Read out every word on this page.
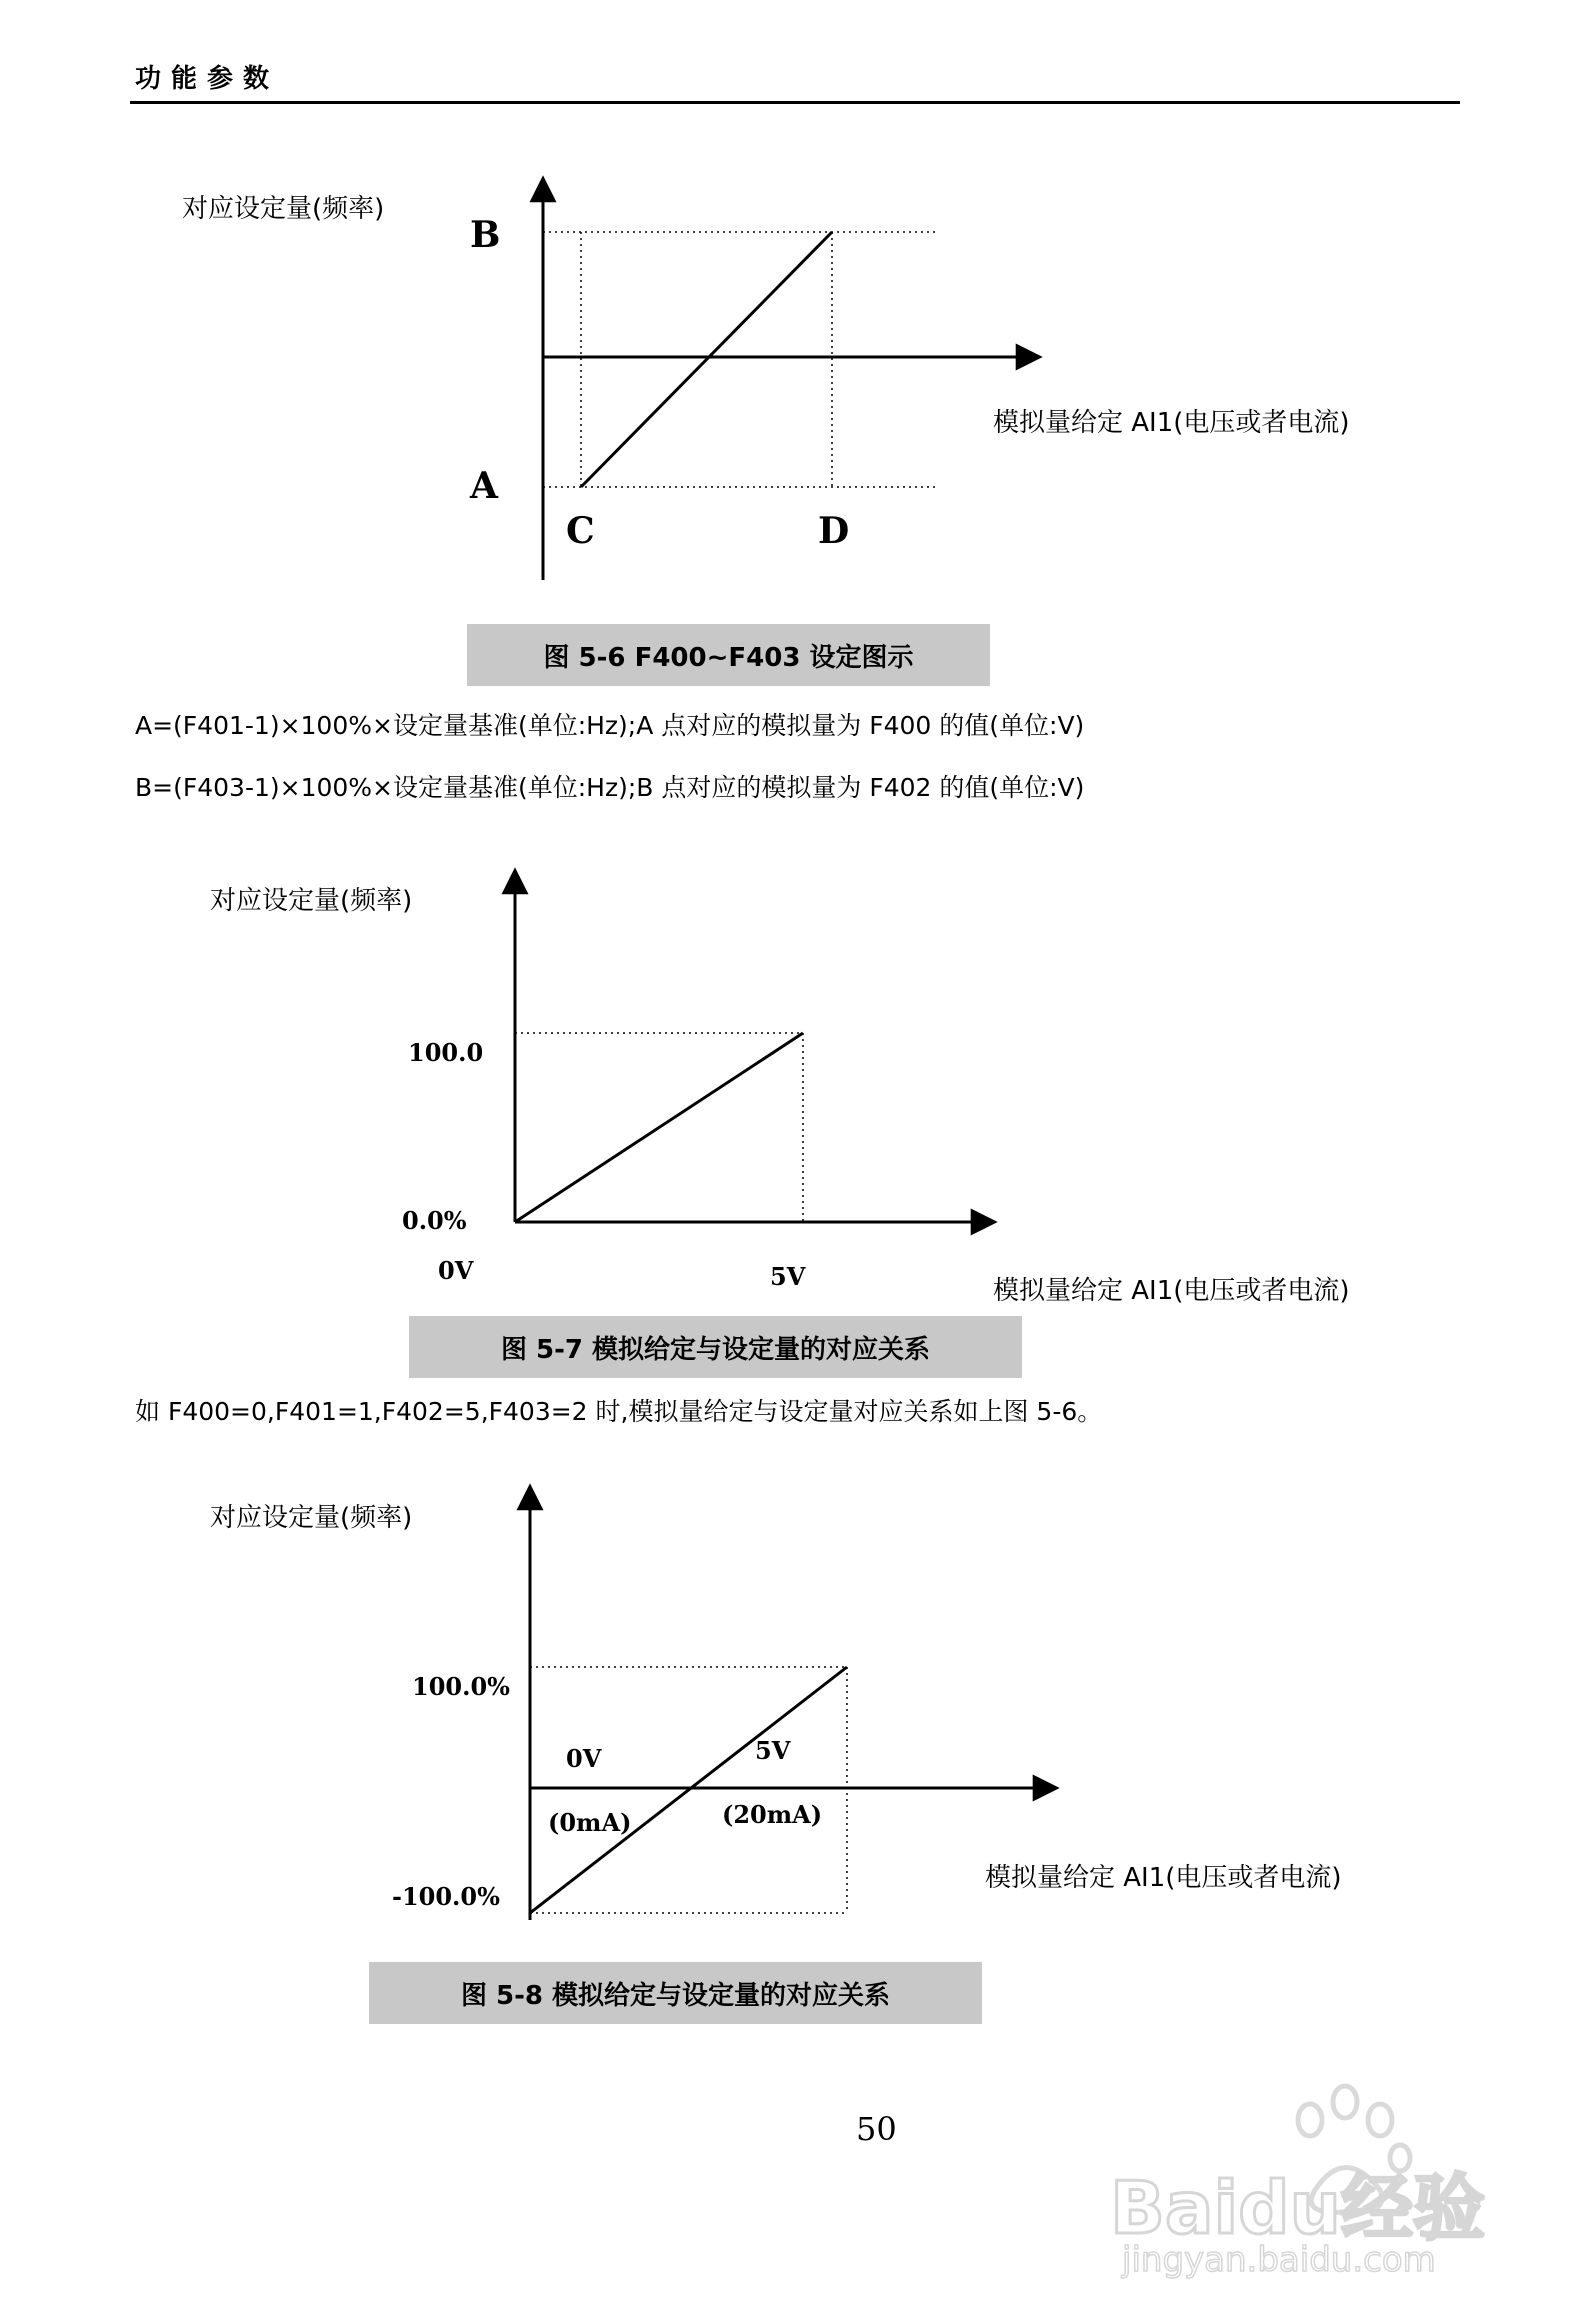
功能参数
对应设定量(频率)
B
A
C	D
模拟量给定 AI1(电压或者电流)
图 5-6 F400~F403 设定图示
A=(F401-1)×100%×设定量基准(单位:Hz);A 点对应的模拟量为 F400 的值(单位:V)
B=(F403-1)×100%×设定量基准(单位:Hz);B 点对应的模拟量为 F402 的值(单位:V)
对应设定量(频率)
100.0
0.0%
0V	5V	模拟量给定 AI1(电压或者电流)
图 5-7 模拟给定与设定量的对应关系
如 F400=0,F401=1,F402=5,F403=2 时,模拟量给定与设定量对应关系如上图 5-6。
对应设定量(频率)
100.0%
-100.0%
0V
(0mA)
5V
(20mA)
模拟量给定 AI1(电压或者电流)
图 5-8 模拟给定与设定量的对应关系
50
Baidu经验
jingyan.baidu.com
